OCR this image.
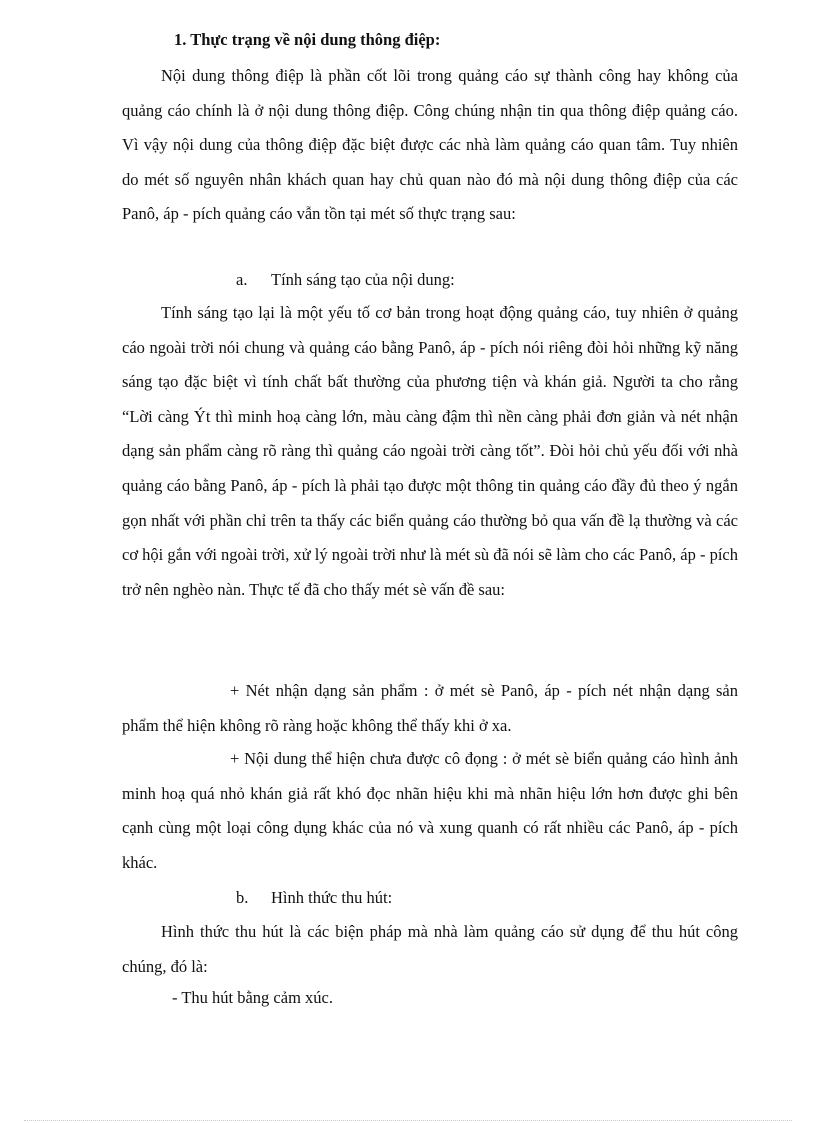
1. Thực trạng về nội dung thông điệp:

Nội dung thông điệp là phần cốt lõi trong quảng cáo sự thành công hay không của quảng cáo chính là ở nội dung thông điệp. Công chúng nhận tin qua thông điệp quảng cáo. Vì vậy nội dung của thông điệp đặc biệt được các nhà làm quảng cáo quan tâm. Tuy nhiên do mét số nguyên nhân khách quan hay chủ quan nào đó mà nội dung thông điệp của các Panô, áp - pích quảng cáo vẫn tồn tại mét số thực trạng sau:

a. Tính sáng tạo của nội dung:

Tính sáng tạo lại là một yếu tố cơ bản trong hoạt động quảng cáo, tuy nhiên ở quảng cáo ngoài trời nói chung và quảng cáo bằng Panô, áp - pích nói riêng đòi hỏi những kỹ năng sáng tạo đặc biệt vì tính chất bất thường của phương tiện và khán giả. Người ta cho rằng “Lời càng Ýt thì minh hoạ càng lớn, màu càng đậm thì nền càng phải đơn giản và nét nhận dạng sản phẩm càng rõ ràng thì quảng cáo ngoài trời càng tốt”. Đòi hỏi chủ yếu đối với nhà quảng cáo bằng Panô, áp - pích là phải tạo được một thông tin quảng cáo đầy đủ theo ý ngắn gọn nhất với phần chỉ trên ta thấy các biển quảng cáo thường bỏ qua vấn đề lạ thường và các cơ hội gắn với ngoài trời, xử lý ngoài trời như là mét sù đã nói sẽ làm cho các Panô, áp - pích trở nên nghèo nàn. Thực tế đã cho thấy mét sè vấn đề sau:

+ Nét nhận dạng sản phẩm : ở mét sè Panô, áp - pích nét nhận dạng sản phẩm thể hiện không rõ ràng hoặc không thể thấy khi ở xa.

+ Nội dung thể hiện chưa được cô đọng : ở mét sè biển quảng cáo hình ảnh minh hoạ quá nhỏ khán giả rất khó đọc nhãn hiệu khi mà nhãn hiệu lớn hơn được ghi bên cạnh cùng một loại công dụng khác của nó và xung quanh có rất nhiều các Panô, áp - pích khác.

b. Hình thức thu hút:

Hình thức thu hút là các biện pháp mà nhà làm quảng cáo sử dụng để thu hút công chúng, đó là:

- Thu hút bằng cảm xúc.
